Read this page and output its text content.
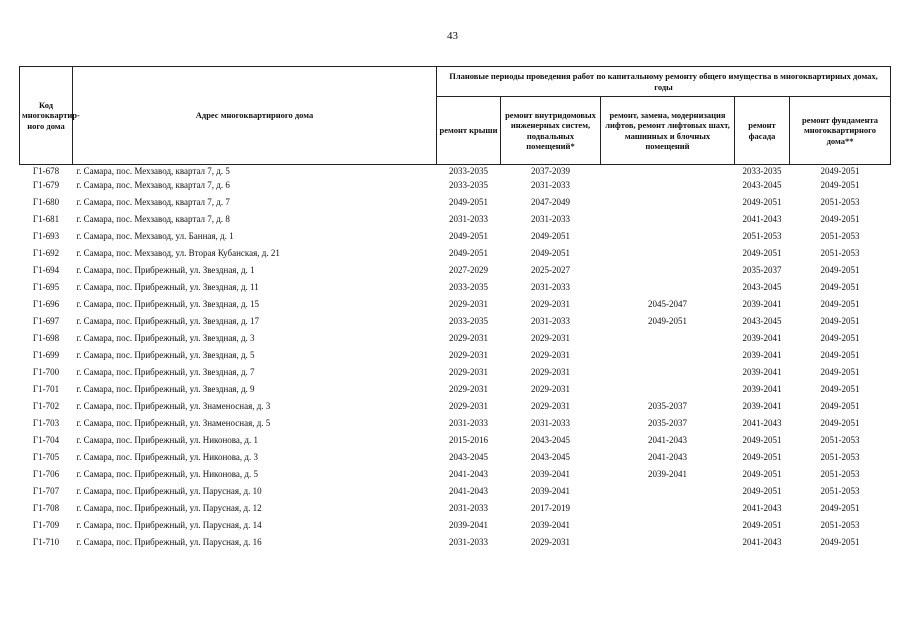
43
Код многоквартир-ного дома	Адрес многоквартирного дома	Плановые периоды проведения работ по капитальному ремонту общего имущества в многоквартирных домах, годы				
		ремонт крыши	ремонт внутридомовых инженерных систем, подвальных помещений*	ремонт, замена, модернизация лифтов, ремонт лифтовых шахт, машинных и блочных помещений	ремонт фасада	ремонт фундамента многоквартирного дома**
Г1-678	г. Самара, пос. Мехзавод, квартал 7, д. 5	2033-2035	2037-2039		2033-2035	2049-2051
Г1-679	г. Самара, пос. Мехзавод, квартал 7, д. 6	2033-2035	2031-2033		2043-2045	2049-2051
Г1-680	г. Самара, пос. Мехзавод, квартал 7, д. 7	2049-2051	2047-2049		2049-2051	2051-2053
Г1-681	г. Самара, пос. Мехзавод, квартал 7, д. 8	2031-2033	2031-2033		2041-2043	2049-2051
Г1-693	г. Самара, пос. Мехзавод, ул. Банная, д. 1	2049-2051	2049-2051		2051-2053	2051-2053
Г1-692	г. Самара, пос. Мехзавод, ул. Вторая Кубанская, д. 21	2049-2051	2049-2051		2049-2051	2051-2053
Г1-694	г. Самара, пос. Прибрежный, ул. Звездная, д. 1	2027-2029	2025-2027		2035-2037	2049-2051
Г1-695	г. Самара, пос. Прибрежный, ул. Звездная, д. 11	2033-2035	2031-2033		2043-2045	2049-2051
Г1-696	г. Самара, пос. Прибрежный, ул. Звездная, д. 15	2029-2031	2029-2031	2045-2047	2039-2041	2049-2051
Г1-697	г. Самара, пос. Прибрежный, ул. Звездная, д. 17	2033-2035	2031-2033	2049-2051	2043-2045	2049-2051
Г1-698	г. Самара, пос. Прибрежный, ул. Звездная, д. 3	2029-2031	2029-2031		2039-2041	2049-2051
Г1-699	г. Самара, пос. Прибрежный, ул. Звездная, д. 5	2029-2031	2029-2031		2039-2041	2049-2051
Г1-700	г. Самара, пос. Прибрежный, ул. Звездная, д. 7	2029-2031	2029-2031		2039-2041	2049-2051
Г1-701	г. Самара, пос. Прибрежный, ул. Звездная, д. 9	2029-2031	2029-2031		2039-2041	2049-2051
Г1-702	г. Самара, пос. Прибрежный, ул. Знаменосная, д. 3	2029-2031	2029-2031	2035-2037	2039-2041	2049-2051
Г1-703	г. Самара, пос. Прибрежный, ул. Знаменосная, д. 5	2031-2033	2031-2033	2035-2037	2041-2043	2049-2051
Г1-704	г. Самара, пос. Прибрежный, ул. Никонова, д. 1	2015-2016	2043-2045	2041-2043	2049-2051	2051-2053
Г1-705	г. Самара, пос. Прибрежный, ул. Никонова, д. 3	2043-2045	2043-2045	2041-2043	2049-2051	2051-2053
Г1-706	г. Самара, пос. Прибрежный, ул. Никонова, д. 5	2041-2043	2039-2041	2039-2041	2049-2051	2051-2053
Г1-707	г. Самара, пос. Прибрежный, ул. Парусная, д. 10	2041-2043	2039-2041		2049-2051	2051-2053
Г1-708	г. Самара, пос. Прибрежный, ул. Парусная, д. 12	2031-2033	2017-2019		2041-2043	2049-2051
Г1-709	г. Самара, пос. Прибрежный, ул. Парусная, д. 14	2039-2041	2039-2041		2049-2051	2051-2053
Г1-710	г. Самара, пос. Прибрежный, ул. Парусная, д. 16	2031-2033	2029-2031		2041-2043	2049-2051
